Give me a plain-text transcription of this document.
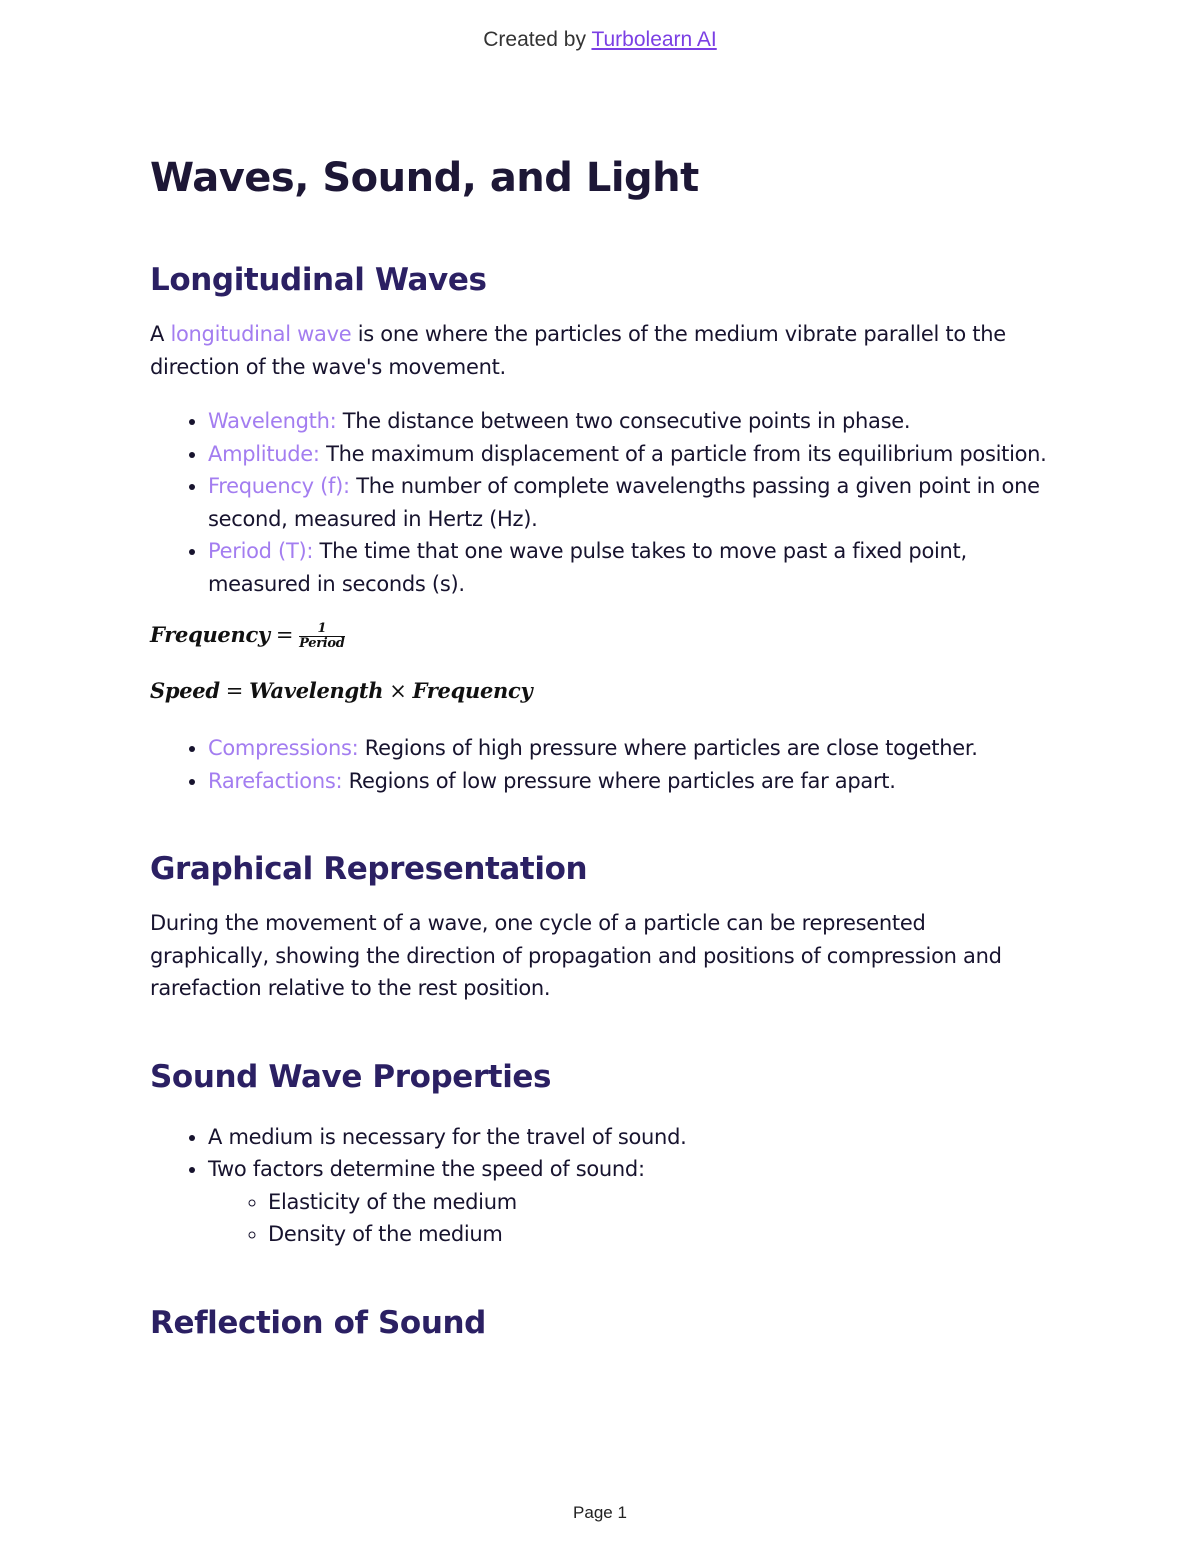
Created by Turbolearn AI
Waves, Sound, and Light
Longitudinal Waves

A longitudinal wave is one where the particles of the medium vibrate parallel to the direction of the wave's movement.

• Wavelength: The distance between two consecutive points in phase.
• Amplitude: The maximum displacement of a particle from its equilibrium position.
• Frequency (f): The number of complete wavelengths passing a given point in one second, measured in Hertz (Hz).
• Period (T): The time that one wave pulse takes to move past a fixed point, measured in seconds (s).
Frequency = $\frac{1}{\text{Period}}$
Speed = Wavelength × Frequency
• Compressions: Regions of high pressure where particles are close together.
• Rarefactions: Regions of low pressure where particles are far apart.
Graphical Representation

During the movement of a wave, one cycle of a particle can be represented graphically, showing the direction of propagation and positions of compression and rarefaction relative to the rest position.

Sound Wave Properties
• A medium is necessary for the travel of sound.
• Two factors determine the speed of sound:
◦ Elasticity of the medium
◦ Density of the medium
Reflection of Sound
Page 1
